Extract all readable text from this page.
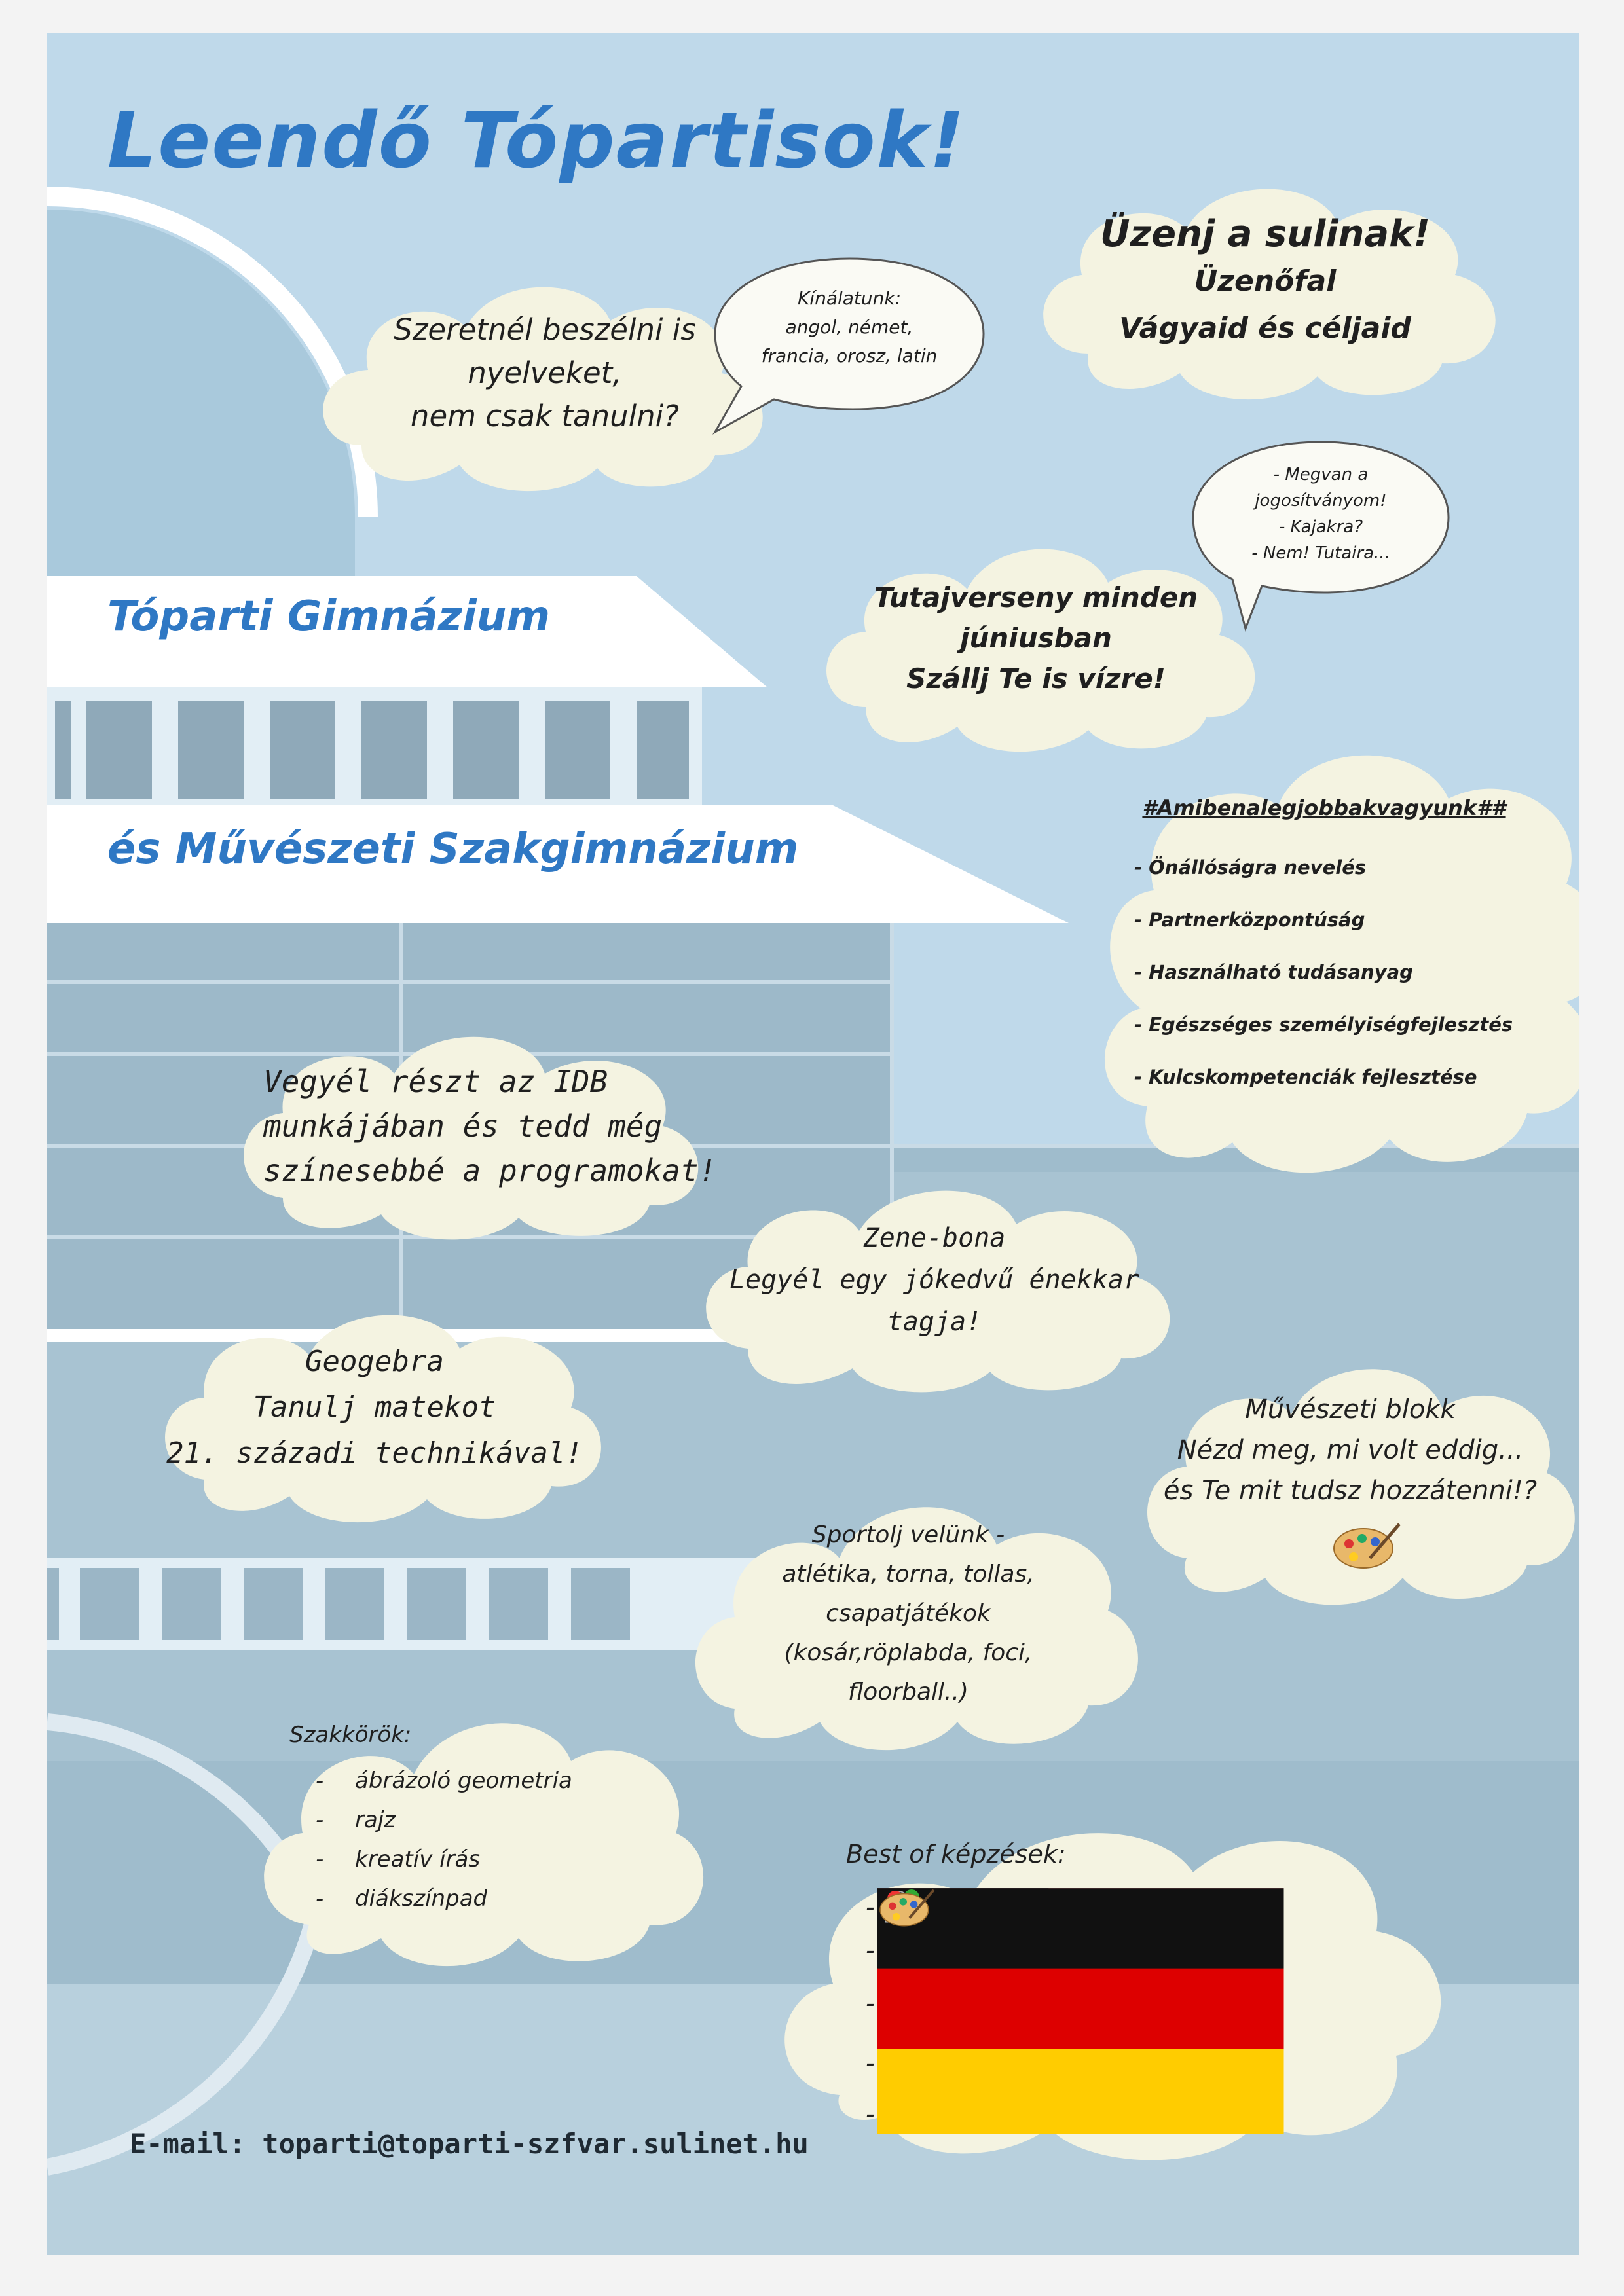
Leendő Tópartisok!
Tóparti Gimnázium
és Művészeti Szakgimnázium
Szeretnél beszélni is
nyelveket,
nem csak tanulni?
Kínálatunk:
angol, német,
francia, orosz, latin
Üzenj a sulinak!
Üzenőfal
Vágyaid és céljaid
- Megvan a
jogosítványom!
- Kajakra?
- Nem! Tutaira...
Tutajverseny minden
júniusban
Szállj Te is vízre!
#Amibenalegjobbakvagyunk##
- Önállóságra nevelés
- Partnerközpontúság
- Használható tudásanyag
- Egészséges személyiségfejlesztés
- Kulcskompetenciák fejlesztése
Vegyél részt az IDB
munkájában és tedd még
színesebbé a programokat!
Zene-bona
Legyél egy jókedvű énekkar
tagja!
Geogebra
Tanulj matekot
21. századi technikával!
Művészeti blokk
Nézd meg, mi volt eddig...
és Te mit tudsz hozzátenni!?
Sportolj velünk -
atlétika, torna, tollas,
csapatjátékok
(kosár,röplabda, foci,
floorball..)
Szakkörök:
-	ábrázoló geometria
-	rajz
-	kreatív írás
-	diákszínpad
Best of képzések:
-
-
-
-
-
E-mail: toparti@toparti-szfvar.sulinet.hu
